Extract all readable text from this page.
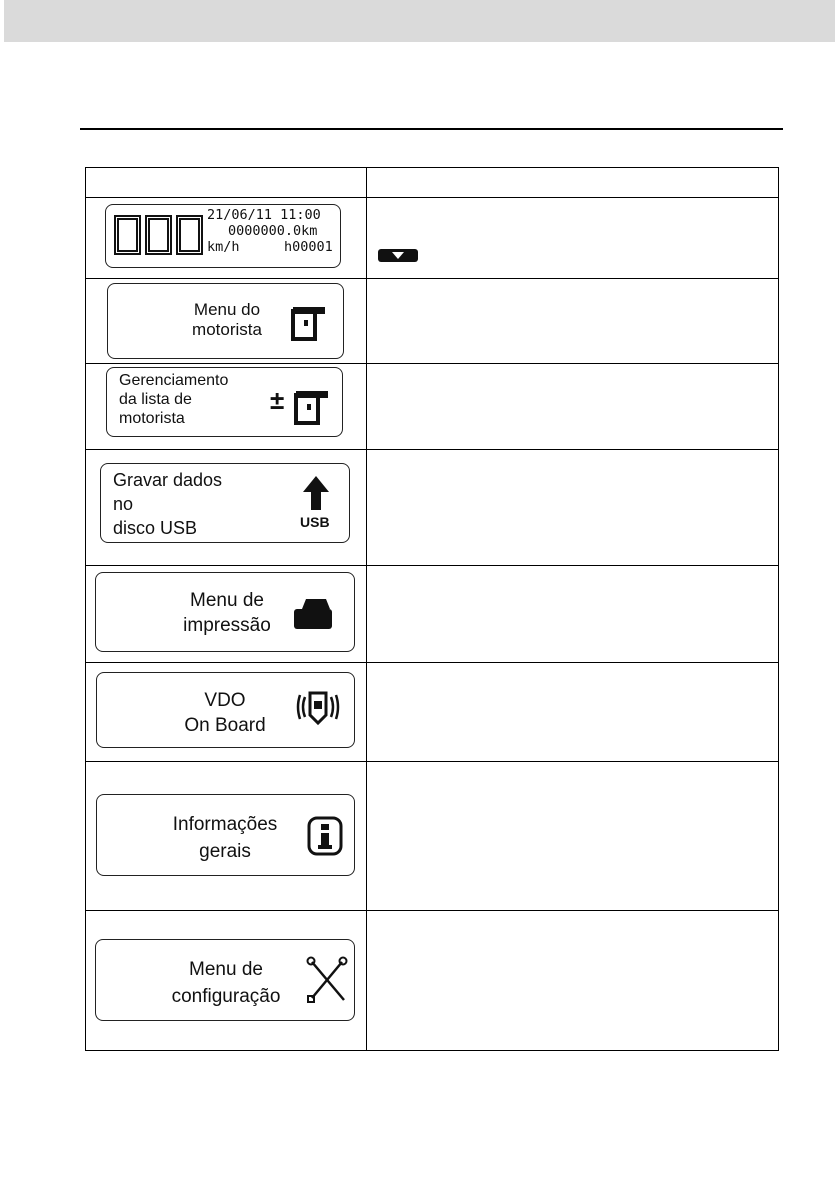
21/06/11 11:00
0000000.0km
km/h	h00001
Menu do
motorista
Gerenciamento
da lista de
motorista
±
Gravar dados
no
disco USB	USB
Menu de
impressão
VDO
On Board
Informações
gerais
Menu de
configuração
